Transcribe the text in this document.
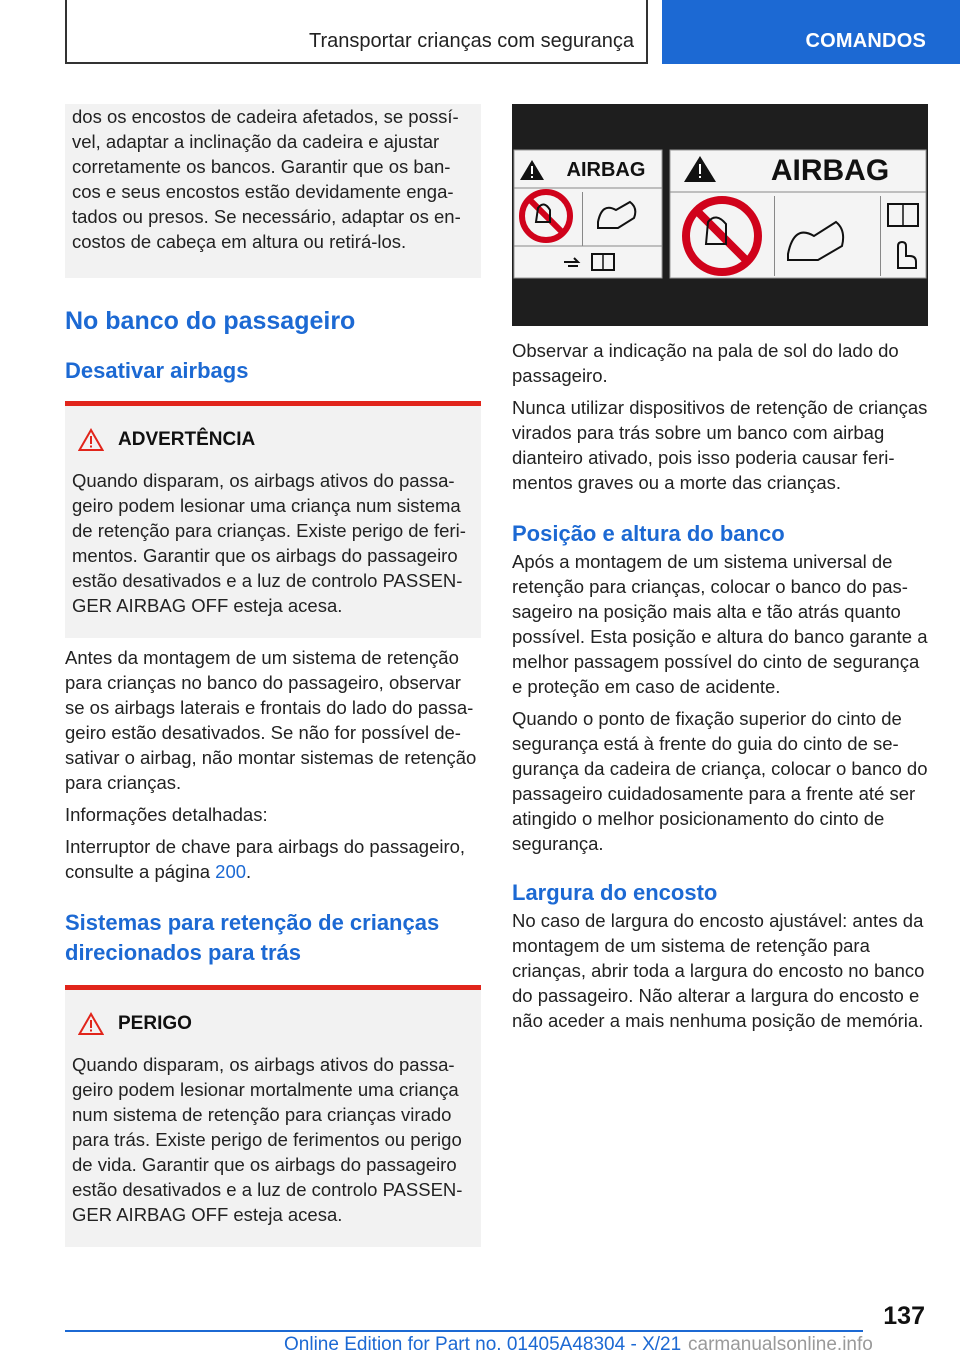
Transportar crianças com segurança	COMANDOS

dos os encostos de cadeira afetados, se possível, adaptar a inclinação da cadeira e ajustar corretamente os bancos. Garantir que os bancos e seus encostos estão devidamente engatados ou presos. Se necessário, adaptar os encostos de cabeça em altura ou retirá-los.

No banco do passageiro
Desativar airbags
ADVERTÊNCIA

Quando disparam, os airbags ativos do passageiro podem lesionar uma criança num sistema de retenção para crianças. Existe perigo de ferimentos. Garantir que os airbags do passageiro estão desativados e a luz de controlo PASSENGER AIRBAG OFF esteja acesa.

Antes da montagem de um sistema de retenção para crianças no banco do passageiro, observar se os airbags laterais e frontais do lado do passageiro estão desativados. Se não for possível desativar o airbag, não montar sistemas de retenção para crianças.

Informações detalhadas:

Interruptor de chave para airbags do passageiro, consulte a página 200.

Sistemas para retenção de crianças direcionados para trás
PERIGO

Quando disparam, os airbags ativos do passageiro podem lesionar mortalmente uma criança num sistema de retenção para crianças virado para trás. Existe perigo de ferimentos ou perigo de vida. Garantir que os airbags do passageiro estão desativados e a luz de controlo PASSENGER AIRBAG OFF esteja acesa.

AIRBAG	AIRBAG

Observar a indicação na pala de sol do lado do passageiro.

Nunca utilizar dispositivos de retenção de crianças virados para trás sobre um banco com airbag dianteiro ativado, pois isso poderia causar ferimentos graves ou a morte das crianças.

Posição e altura do banco

Após a montagem de um sistema universal de retenção para crianças, colocar o banco do passageiro na posição mais alta e tão atrás quanto possível. Esta posição e altura do banco garante a melhor passagem possível do cinto de segurança e proteção em caso de acidente.

Quando o ponto de fixação superior do cinto de segurança está à frente do guia do cinto de segurança da cadeira de criança, colocar o banco do passageiro cuidadosamente para a frente até ser atingido o melhor posicionamento do cinto de segurança.

Largura do encosto

No caso de largura do encosto ajustável: antes da montagem de um sistema de retenção para crianças, abrir toda a largura do encosto no banco do passageiro. Não alterar a largura do encosto e não aceder a mais nenhuma posição de memória.

137
Online Edition for Part no. 01405A48304 - X/21 carmanualsonline.info
